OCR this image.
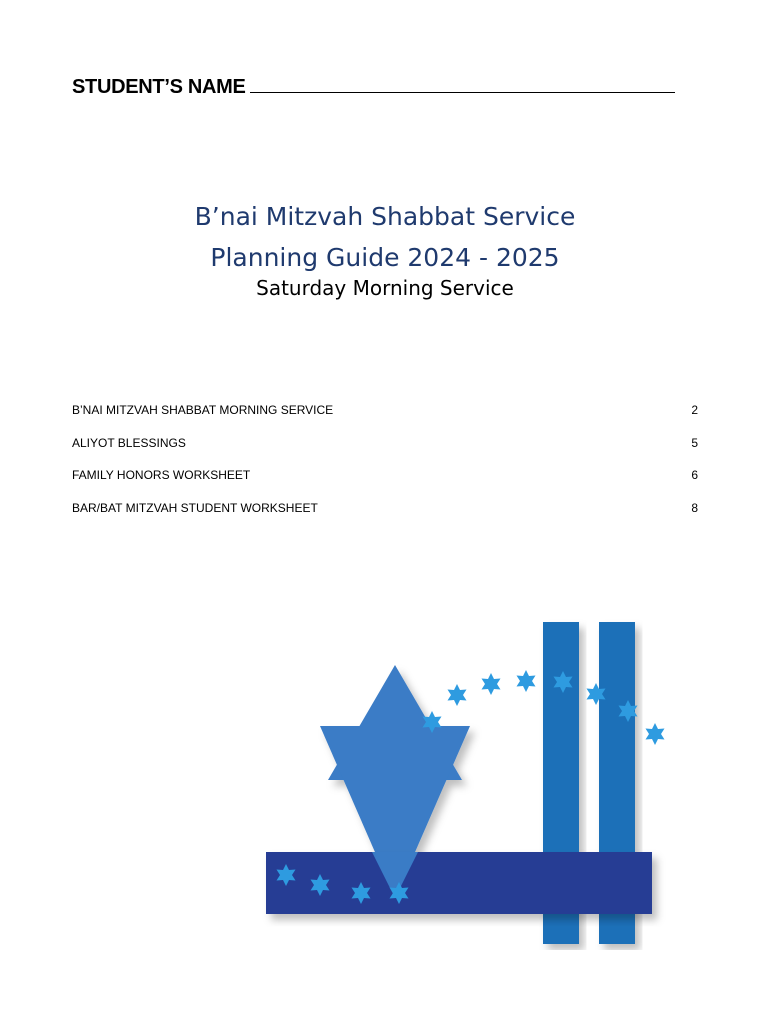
STUDENT’S NAME
B’nai Mitzvah Shabbat Service
Planning Guide 2024 - 2025
Saturday Morning Service
B’NAI MITZVAH SHABBAT MORNING SERVICE	2
ALIYOT BLESSINGS	5
FAMILY HONORS WORKSHEET	6
BAR/BAT MITZVAH STUDENT WORKSHEET	8
